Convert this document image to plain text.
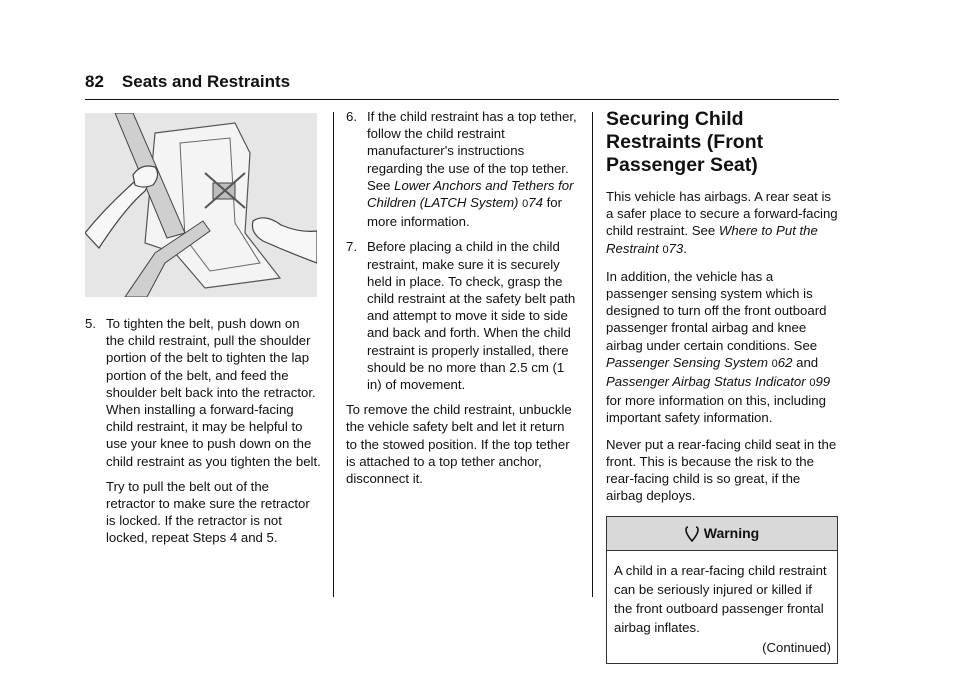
82 Seats and Restraints
5. To tighten the belt, push down on the child restraint, pull the shoulder portion of the belt to tighten the lap portion of the belt, and feed the shoulder belt back into the retractor. When installing a forward-facing child restraint, it may be helpful to use your knee to push down on the child restraint as you tighten the belt.

Try to pull the belt out of the retractor to make sure the retractor is locked. If the retractor is not locked, repeat Steps 4 and 5.

6. If the child restraint has a top tether, follow the child restraint manufacturer's instructions regarding the use of the top tether. See Lower Anchors and Tethers for Children (LATCH System) 074 for more information.
7. Before placing a child in the child restraint, make sure it is securely held in place. To check, grasp the child restraint at the safety belt path and attempt to move it side to side and back and forth. When the child restraint is properly installed, there should be no more than 2.5 cm (1 in) of movement.

To remove the child restraint, unbuckle the vehicle safety belt and let it return to the stowed position. If the top tether is attached to a top tether anchor, disconnect it.

Securing Child Restraints (Front Passenger Seat)

This vehicle has airbags. A rear seat is a safer place to secure a forward-facing child restraint. See Where to Put the Restraint 073.

In addition, the vehicle has a passenger sensing system which is designed to turn off the front outboard passenger frontal airbag and knee airbag under certain conditions. See Passenger Sensing System 062 and Passenger Airbag Status Indicator 099 for more information on this, including important safety information.

Never put a rear-facing child seat in the front. This is because the risk to the rear-facing child is so great, if the airbag deploys.

Warning
A child in a rear-facing child restraint can be seriously injured or killed if the front outboard passenger frontal airbag inflates.
(Continued)
